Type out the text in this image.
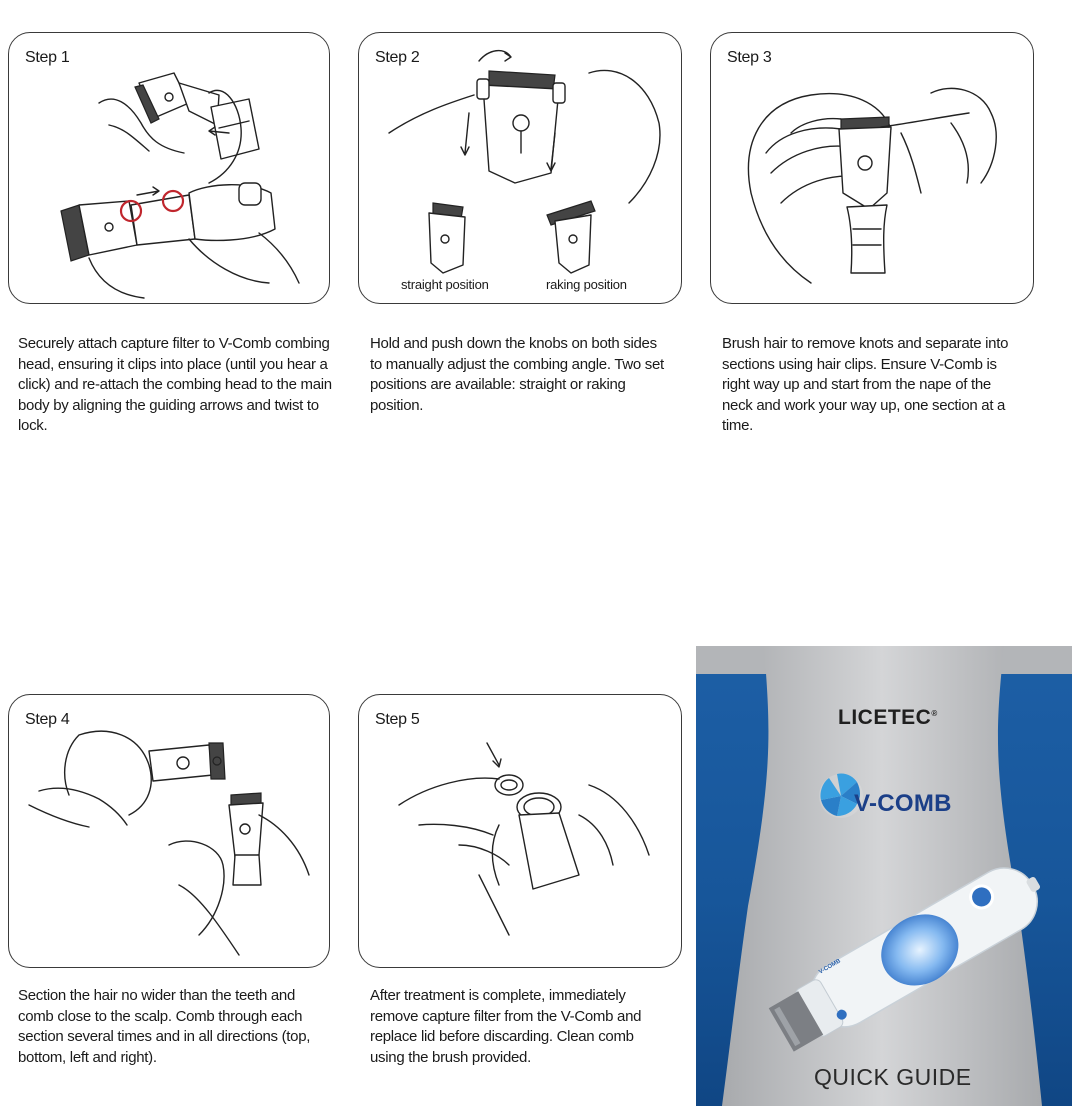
Step 1
Securely attach capture filter to V-Comb combing head, ensuring it clips into place (until you hear a click) and re-attach the combing head to the main body by aligning the guiding arrows and twist to lock.
Step 2
straight position	raking position
Hold and push down the knobs on both sides to manually adjust the combing angle. Two set positions are available: straight or raking position.
Step 3
Brush hair to remove knots and separate into sections using hair clips. Ensure V-Comb is right way up and start from the nape of the neck and work your way up, one section at a time.
Step 4
Section the hair no wider than the teeth and comb close to the scalp. Comb through each section several times and in all directions (top, bottom, left and right).
Step 5
After treatment is complete, immediately remove capture filter from the V-Comb and replace lid before discarding. Clean comb using the brush provided.
LICETEC®
V-COMB
V-COMB
QUICK GUIDE
